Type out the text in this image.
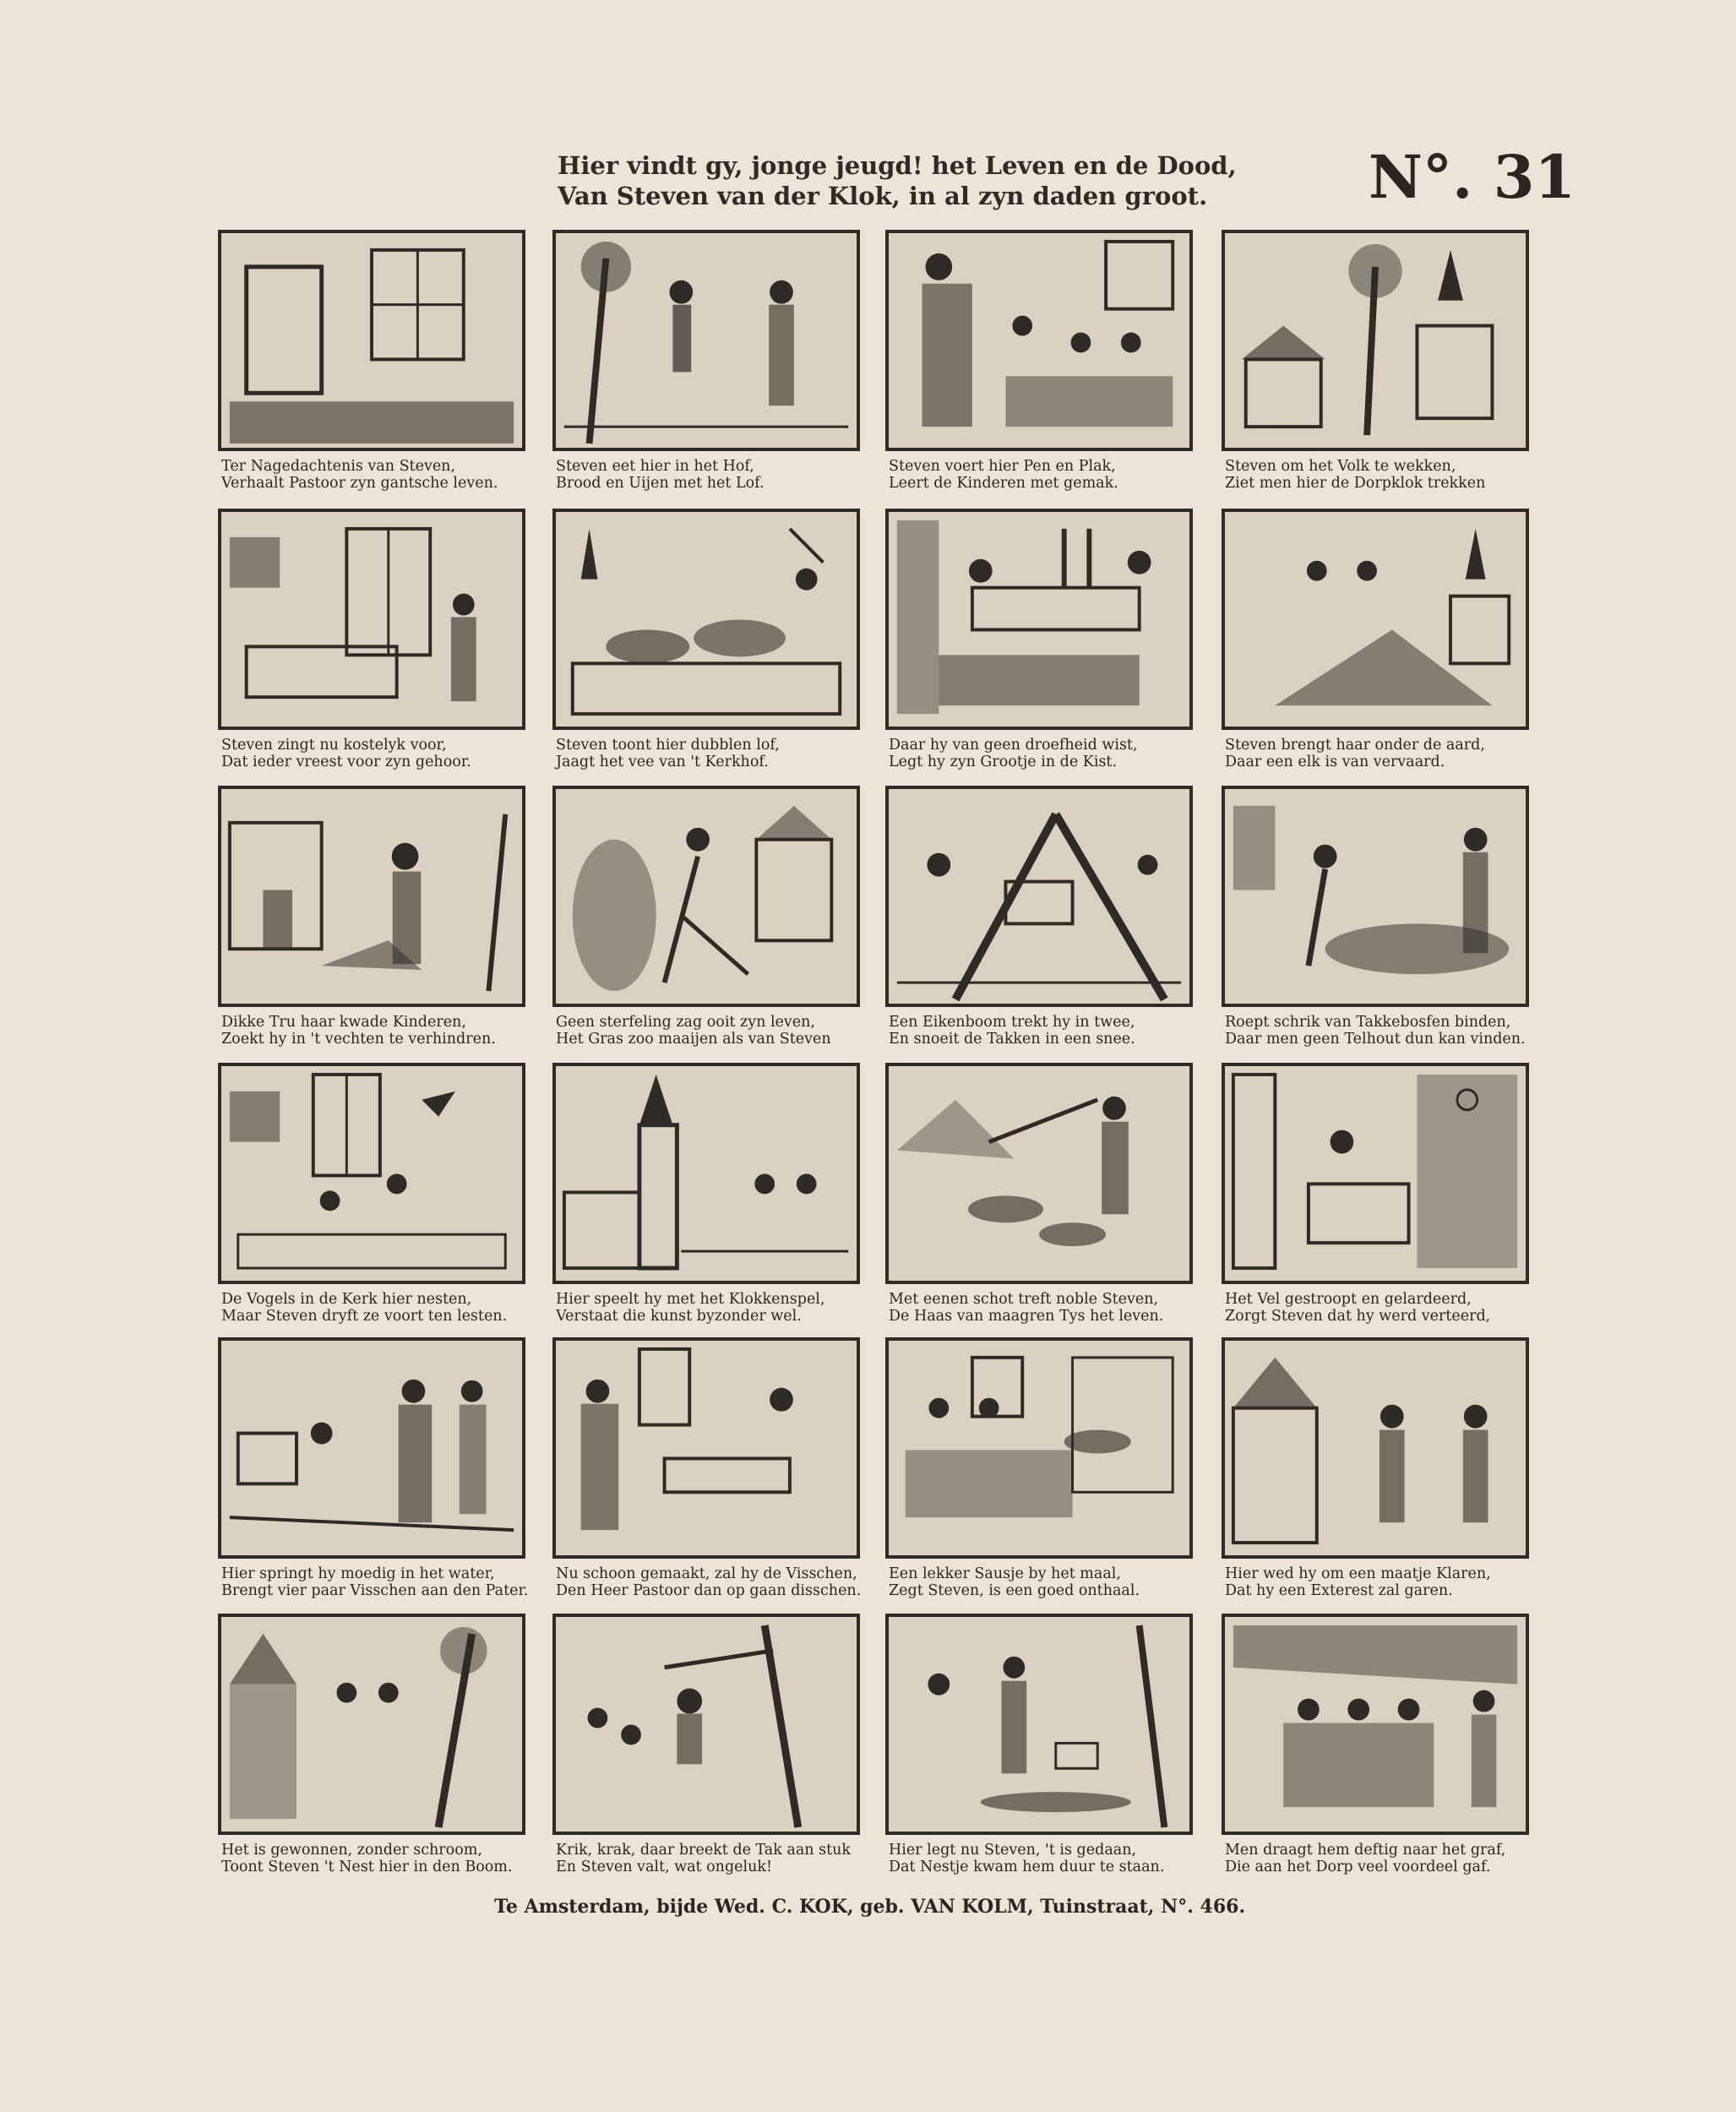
Hier vindt gy, jonge jeugd! het Leven en de Dood,
Van Steven van der Klok, in al zyn daden groot.	N°. 31
Ter Nagedachtenis van Steven,
Verhaalt Pastoor zyn gantsche leven.
Steven eet hier in het Hof,
Brood en Uijen met het Lof.
Steven voert hier Pen en Plak,
Leert de Kinderen met gemak.
Steven om het Volk te wekken,
Ziet men hier de Dorpklok trekken
Steven zingt nu kostelyk voor,
Dat ieder vreest voor zyn gehoor.
Steven toont hier dubblen lof,
Jaagt het vee van 't Kerkhof.
Daar hy van geen droefheid wist,
Legt hy zyn Grootje in de Kist.
Steven brengt haar onder de aard,
Daar een elk is van vervaard.
Dikke Tru haar kwade Kinderen,
Zoekt hy in 't vechten te verhindren.
Geen sterfeling zag ooit zyn leven,
Het Gras zoo maaijen als van Steven
Een Eikenboom trekt hy in twee,
En snoeit de Takken in een snee.
Roept schrik van Takkebosfen binden,
Daar men geen Telhout dun kan vinden.
De Vogels in de Kerk hier nesten,
Maar Steven dryft ze voort ten lesten.
Hier speelt hy met het Klokkenspel,
Verstaat die kunst byzonder wel.
Met eenen schot treft noble Steven,
De Haas van maagren Tys het leven.
Het Vel gestroopt en gelardeerd,
Zorgt Steven dat hy werd verteerd,
Hier springt hy moedig in het water,
Brengt vier paar Visschen aan den Pater.
Nu schoon gemaakt, zal hy de Visschen,
Den Heer Pastoor dan op gaan disschen.
Een lekker Sausje by het maal,
Zegt Steven, is een goed onthaal.
Hier wed hy om een maatje Klaren,
Dat hy een Exterest zal garen.
Het is gewonnen, zonder schroom,
Toont Steven 't Nest hier in den Boom.
Krik, krak, daar breekt de Tak aan stuk
En Steven valt, wat ongeluk!
Hier legt nu Steven, 't is gedaan,
Dat Nestje kwam hem duur te staan.
Men draagt hem deftig naar het graf,
Die aan het Dorp veel voordeel gaf.
Te Amsterdam, bijde Wed. C. KOK, geb. VAN KOLM, Tuinstraat, N°. 466.
